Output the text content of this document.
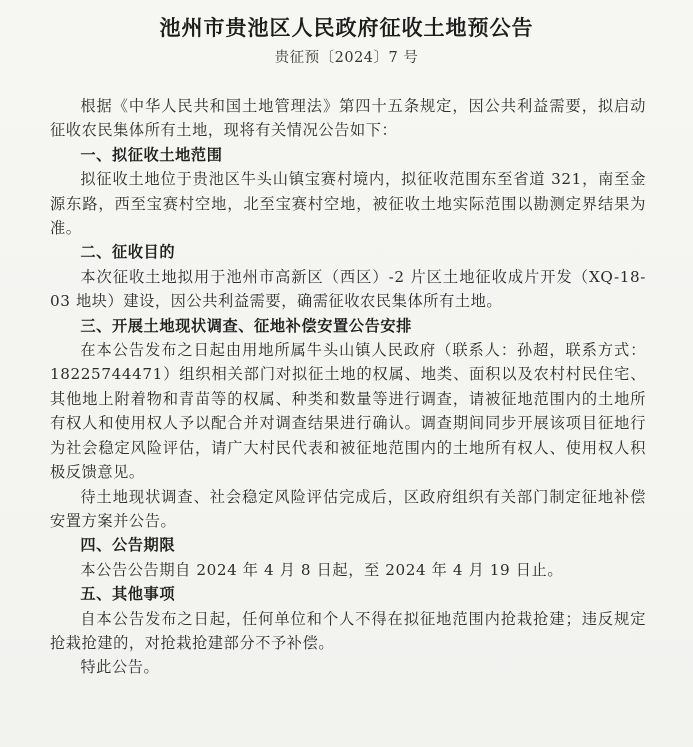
池州市贵池区人民政府征收土地预公告
贵征预〔2024〕7 号

根据《中华人民共和国土地管理法》第四十五条规定，因公共利益需要，拟启动征收农民集体所有土地，现将有关情况公告如下：

一、拟征收土地范围

拟征收土地位于贵池区牛头山镇宝赛村境内，拟征收范围东至省道 321，南至金源东路，西至宝赛村空地，北至宝赛村空地，被征收土地实际范围以勘测定界结果为准。

二、征收目的

本次征收土地拟用于池州市高新区（西区）-2 片区土地征收成片开发（XQ-18-03 地块）建设，因公共利益需要，确需征收农民集体所有土地。

三、开展土地现状调查、征地补偿安置公告安排

在本公告发布之日起由用地所属牛头山镇人民政府（联系人：孙超，联系方式：18225744471）组织相关部门对拟征土地的权属、地类、面积以及农村村民住宅、其他地上附着物和青苗等的权属、种类和数量等进行调查，请被征地范围内的土地所有权人和使用权人予以配合并对调查结果进行确认。调查期间同步开展该项目征地行为社会稳定风险评估，请广大村民代表和被征地范围内的土地所有权人、使用权人积极反馈意见。

待土地现状调查、社会稳定风险评估完成后，区政府组织有关部门制定征地补偿安置方案并公告。

四、公告期限

本公告公告期自 2024 年 4 月 8 日起，至 2024 年 4 月 19 日止。

五、其他事项

自本公告发布之日起，任何单位和个人不得在拟征地范围内抢栽抢建；违反规定抢栽抢建的，对抢栽抢建部分不予补偿。

特此公告。
